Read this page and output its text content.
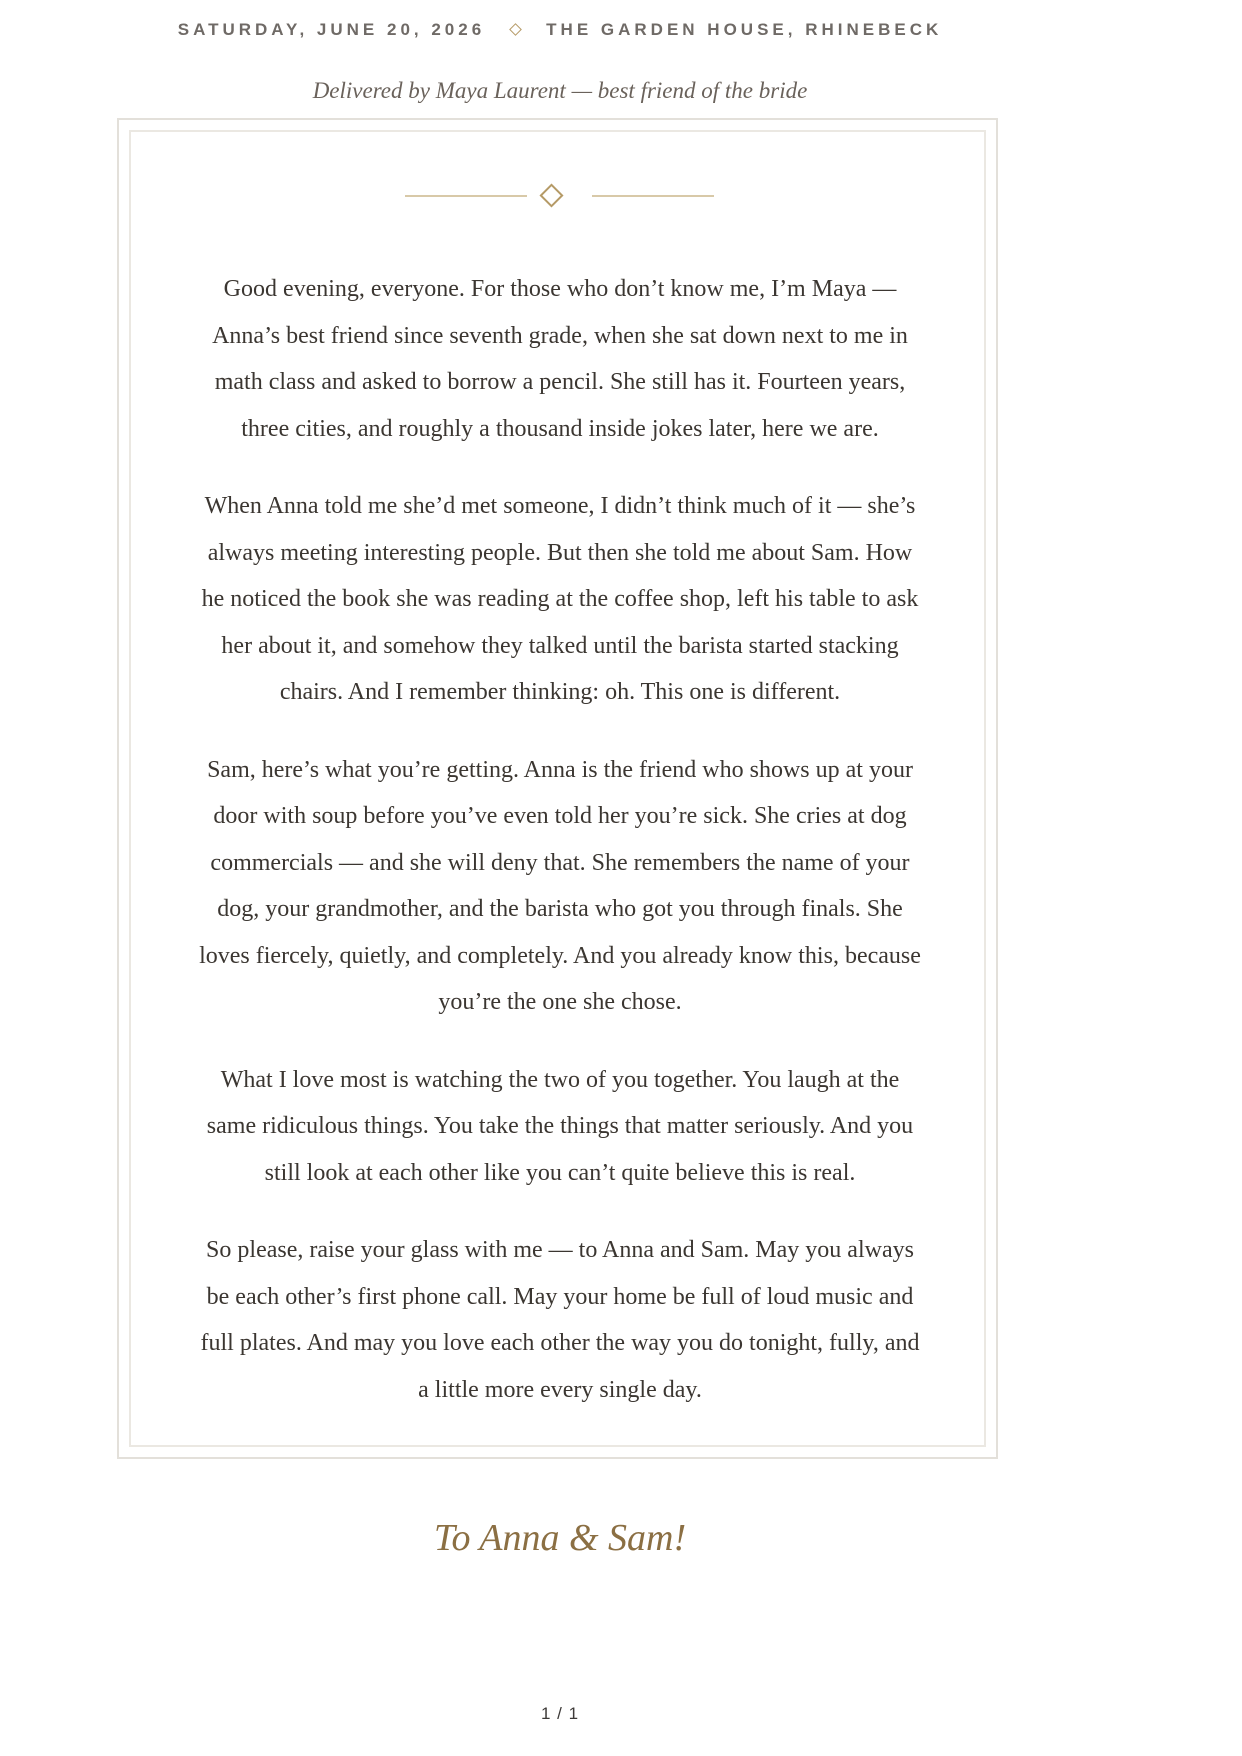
SATURDAY, JUNE 20, 2026	THE GARDEN HOUSE, RHINEBECK
Delivered by Maya Laurent — best friend of the bride

Good evening, everyone. For those who don’t know me, I’m Maya — Anna’s best friend since seventh grade, when she sat down next to me in math class and asked to borrow a pencil. She still has it. Fourteen years, three cities, and roughly a thousand inside jokes later, here we are.

When Anna told me she’d met someone, I didn’t think much of it — she’s always meeting interesting people. But then she told me about Sam. How he noticed the book she was reading at the coffee shop, left his table to ask her about it, and somehow they talked until the barista started stacking chairs. And I remember thinking: oh. This one is different.

Sam, here’s what you’re getting. Anna is the friend who shows up at your door with soup before you’ve even told her you’re sick. She cries at dog commercials — and she will deny that. She remembers the name of your dog, your grandmother, and the barista who got you through finals. She loves fiercely, quietly, and completely. And you already know this, because you’re the one she chose.

What I love most is watching the two of you together. You laugh at the same ridiculous things. You take the things that matter seriously. And you still look at each other like you can’t quite believe this is real.

So please, raise your glass with me — to Anna and Sam. May you always be each other’s first phone call. May your home be full of loud music and full plates. And may you love each other the way you do tonight, fully, and a little more every single day.

To Anna & Sam!
1 / 1
